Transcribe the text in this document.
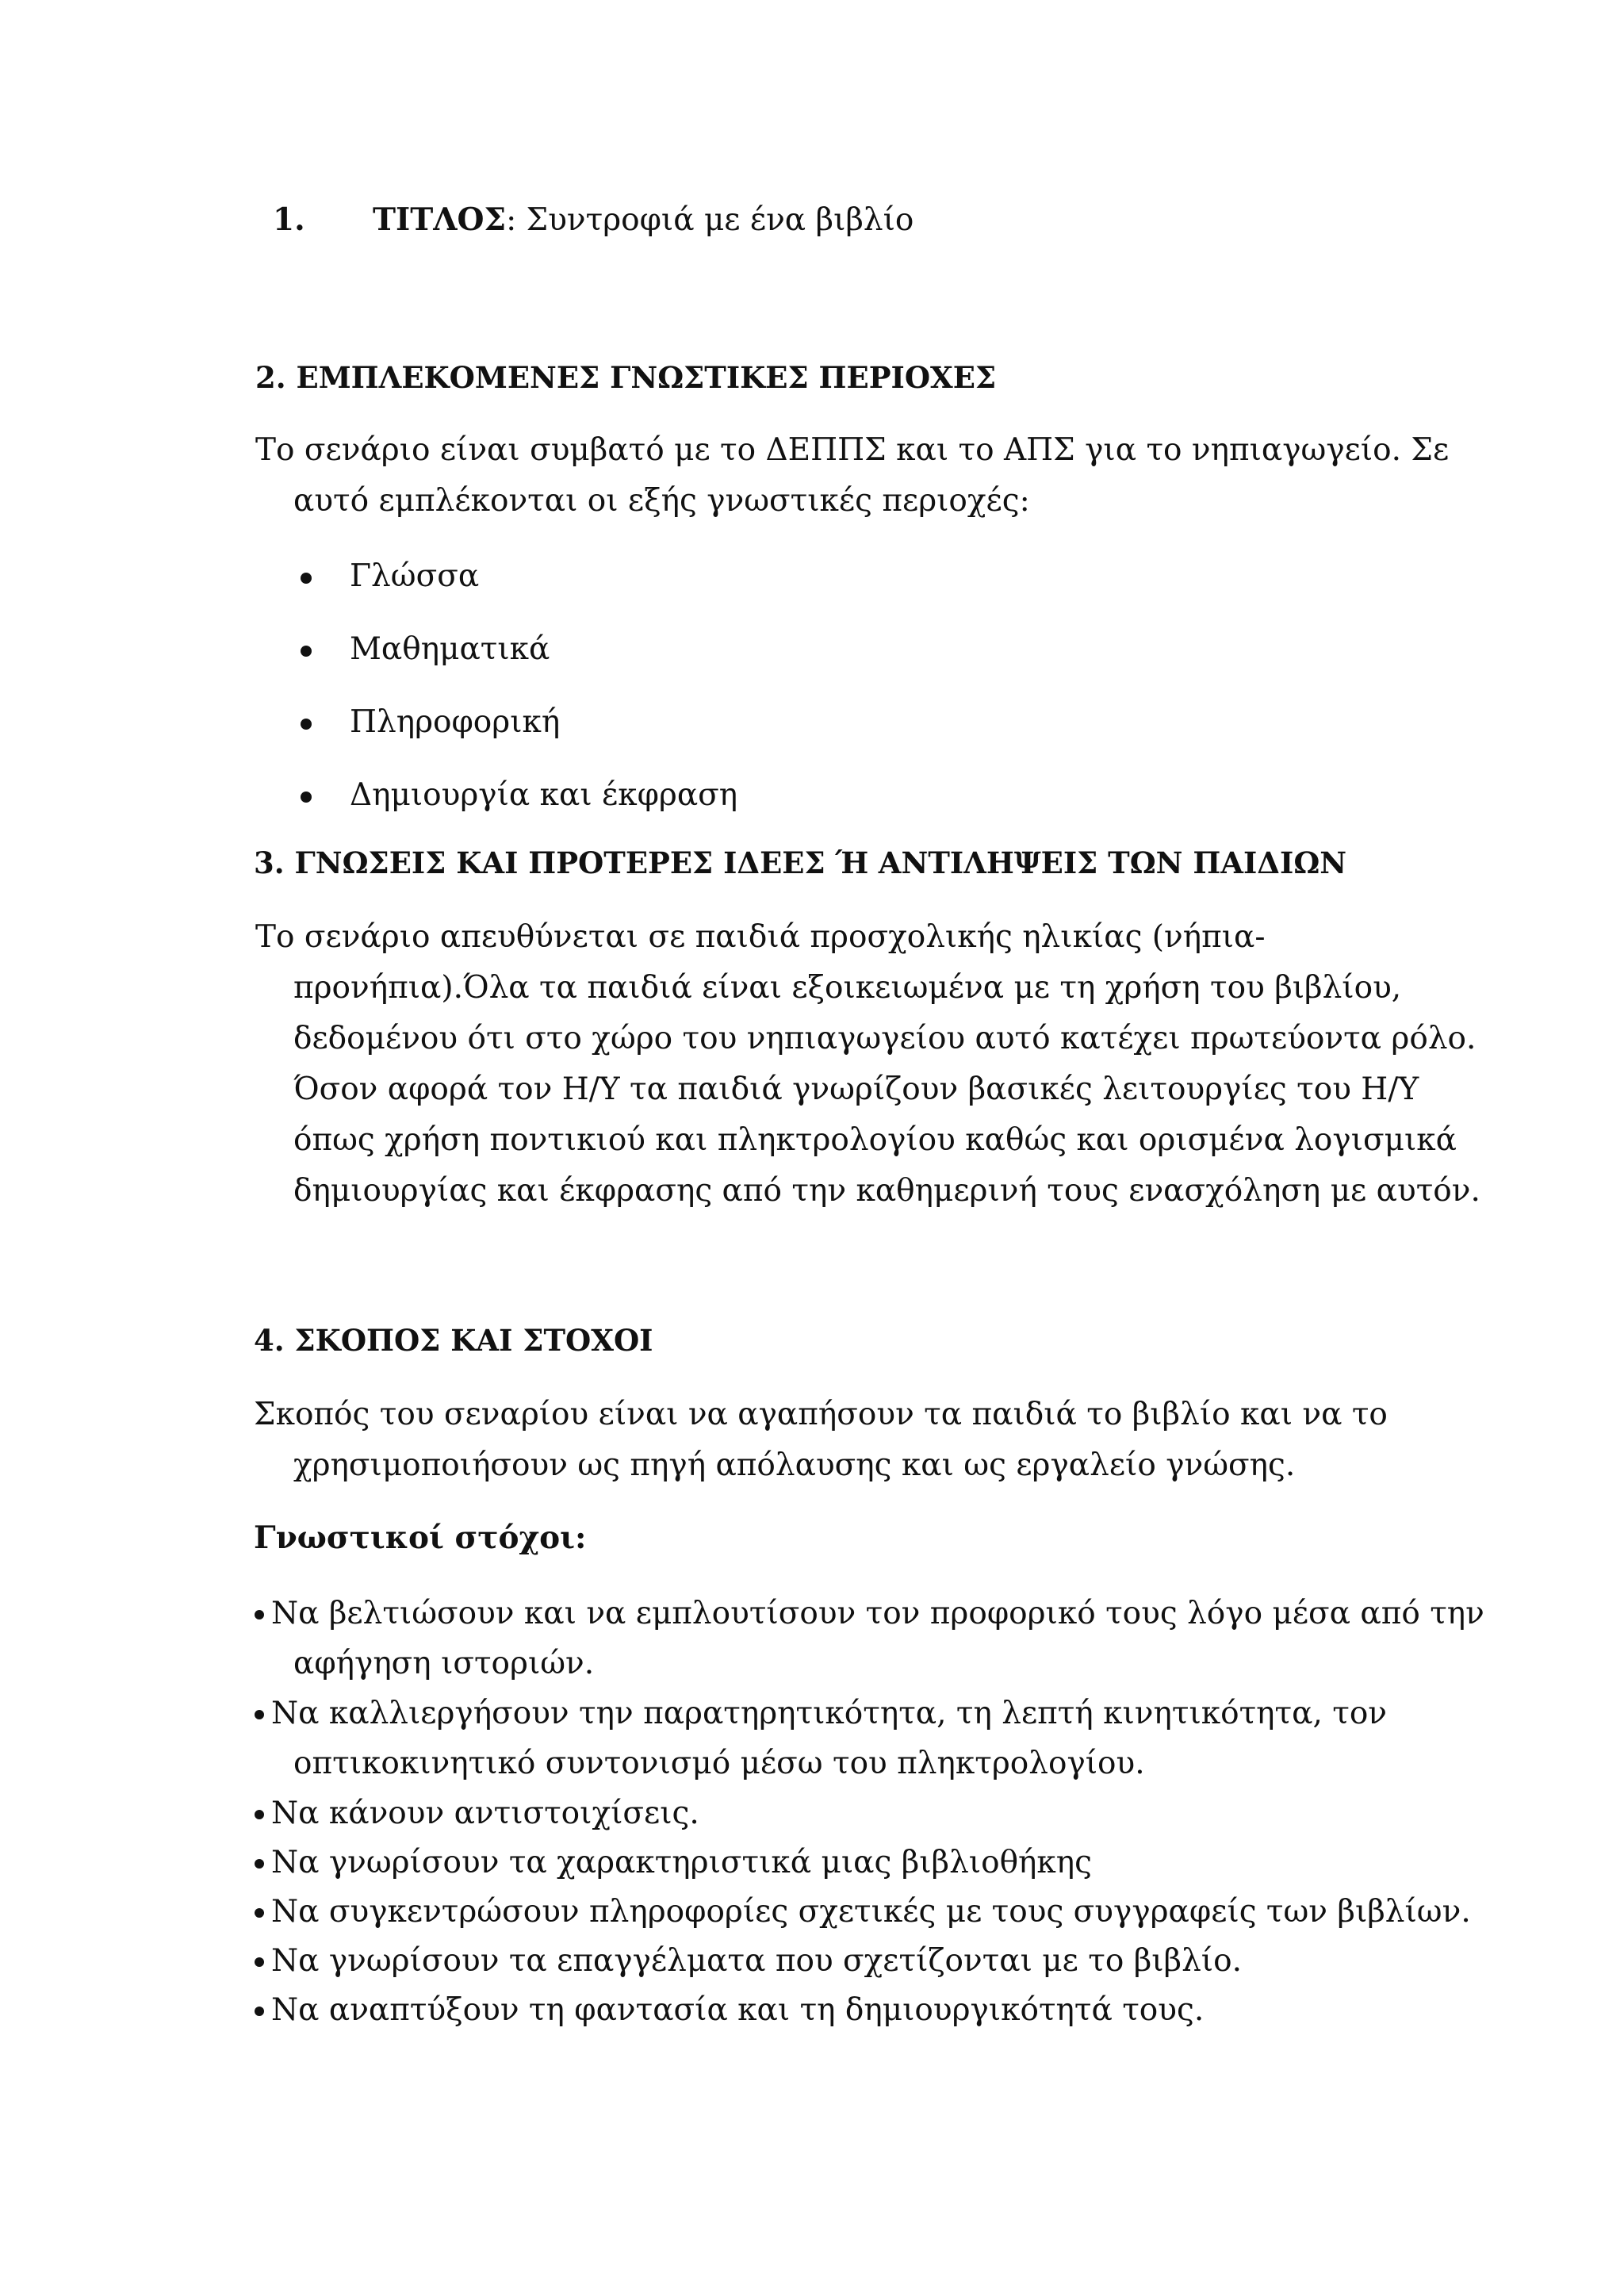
1. ΤΙΤΛΟΣ: Συντροφιά με ένα βιβλίο
2. ΕΜΠΛΕΚΟΜΕΝΕΣ ΓΝΩΣΤΙΚΕΣ ΠΕΡΙΟΧΕΣ
Το σενάριο είναι συμβατό με το ΔΕΠΠΣ και το ΑΠΣ για το νηπιαγωγείο. Σε
αυτό εμπλέκονται οι εξής γνωστικές περιοχές:
Γλώσσα
Μαθηματικά
Πληροφορική
Δημιουργία και έκφραση
3. ΓΝΩΣΕΙΣ ΚΑΙ ΠΡΟΤΕΡΕΣ ΙΔΕΕΣ Ή ΑΝΤΙΛΗΨΕΙΣ ΤΩΝ ΠΑΙΔΙΩΝ
Το σενάριο απευθύνεται σε παιδιά προσχολικής ηλικίας (νήπια-
προνήπια).Όλα τα παιδιά είναι εξοικειωμένα με τη χρήση του βιβλίου,
δεδομένου ότι στο χώρο του νηπιαγωγείου αυτό κατέχει πρωτεύοντα ρόλο.
Όσον αφορά τον Η/Υ τα παιδιά γνωρίζουν βασικές λειτουργίες του Η/Υ
όπως χρήση ποντικιού και πληκτρολογίου καθώς και ορισμένα λογισμικά
δημιουργίας και έκφρασης από την καθημερινή τους ενασχόληση με αυτόν.
4. ΣΚΟΠΟΣ ΚΑΙ ΣΤΟΧΟΙ
Σκοπός του σεναρίου είναι να αγαπήσουν τα παιδιά το βιβλίο και να το
χρησιμοποιήσουν ως πηγή απόλαυσης και ως εργαλείο γνώσης.
Γνωστικοί στόχοι:
Να βελτιώσουν και να εμπλουτίσουν τον προφορικό τους λόγο μέσα από την
αφήγηση ιστοριών.
Να καλλιεργήσουν την παρατηρητικότητα, τη λεπτή κινητικότητα, τον
οπτικοκινητικό συντονισμό μέσω του πληκτρολογίου.
Να κάνουν αντιστοιχίσεις.
Να γνωρίσουν τα χαρακτηριστικά μιας βιβλιοθήκης
Να συγκεντρώσουν πληροφορίες σχετικές με τους συγγραφείς των βιβλίων.
Να γνωρίσουν τα επαγγέλματα που σχετίζονται με το βιβλίο.
Να αναπτύξουν τη φαντασία και τη δημιουργικότητά τους.
